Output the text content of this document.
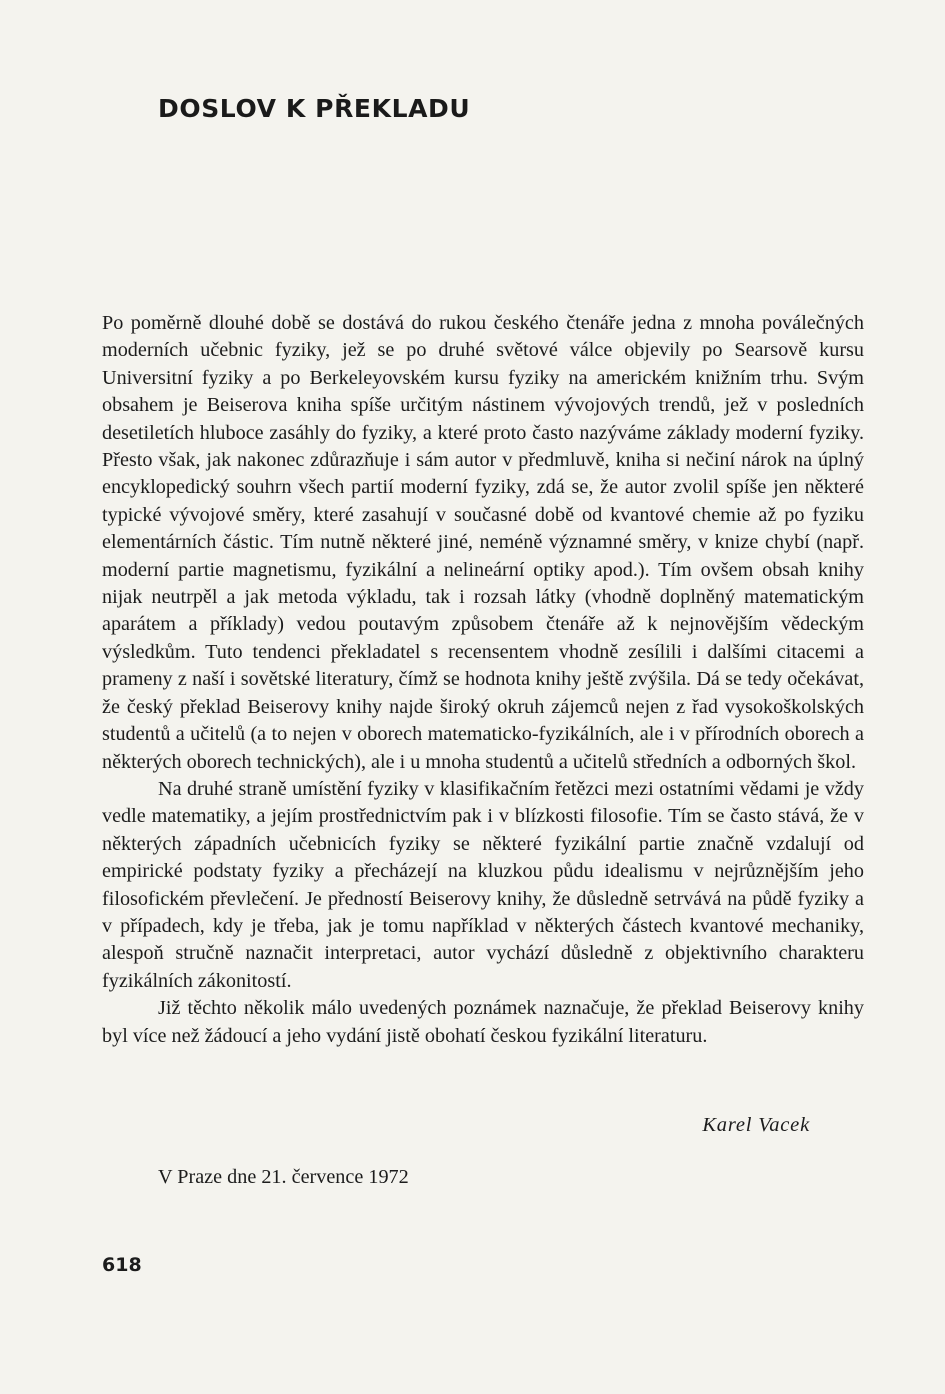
DOSLOV K PŘEKLADU

Po poměrně dlouhé době se dostává do rukou českého čtenáře jedna z mnoha poválečných moderních učebnic fyziky, jež se po druhé světové válce objevily po Searsově kursu Universitní fyziky a po Berkeleyovském kursu fyziky na americkém knižním trhu. Svým obsahem je Beiserova kniha spíše určitým nástinem vývojových trendů, jež v posledních desetiletích hluboce zasáhly do fyziky, a které proto často nazýváme základy moderní fyziky. Přesto však, jak nakonec zdůrazňuje i sám autor v předmluvě, kniha si nečiní nárok na úplný encyklopedický souhrn všech partií moderní fyziky, zdá se, že autor zvolil spíše jen některé typické vývojové směry, které zasahují v současné době od kvantové chemie až po fyziku elementárních částic. Tím nutně některé jiné, neméně významné směry, v knize chybí (např. moderní partie magnetismu, fyzikální a nelineární optiky apod.). Tím ovšem obsah knihy nijak neutrpěl a jak metoda výkladu, tak i rozsah látky (vhodně doplněný matematickým aparátem a příklady) vedou poutavým způsobem čtenáře až k nejnovějším vědeckým výsledkům. Tuto tendenci překladatel s recensentem vhodně zesílili i dalšími citacemi a prameny z naší i sovětské literatury, čímž se hodnota knihy ještě zvýšila. Dá se tedy očekávat, že český překlad Beiserovy knihy najde široký okruh zájemců nejen z řad vysokoškolských studentů a učitelů (a to nejen v oborech matematicko-fyzikálních, ale i v přírodních oborech a některých oborech technických), ale i u mnoha studentů a učitelů středních a odborných škol.

Na druhé straně umístění fyziky v klasifikačním řetězci mezi ostatními vědami je vždy vedle matematiky, a jejím prostřednictvím pak i v blízkosti filosofie. Tím se často stává, že v některých západních učebnicích fyziky se některé fyzikální partie značně vzdalují od empirické podstaty fyziky a přecházejí na kluzkou půdu idealismu v nejrůznějším jeho filosofickém převlečení. Je předností Beiserovy knihy, že důsledně setrvává na půdě fyziky a v případech, kdy je třeba, jak je tomu například v některých částech kvantové mechaniky, alespoň stručně naznačit interpretaci, autor vychází důsledně z objektivního charakteru fyzikálních zákonitostí.

Již těchto několik málo uvedených poznámek naznačuje, že překlad Beiserovy knihy byl více než žádoucí a jeho vydání jistě obohatí českou fyzikální literaturu.

Karel Vacek
V Praze dne 21. července 1972
618
